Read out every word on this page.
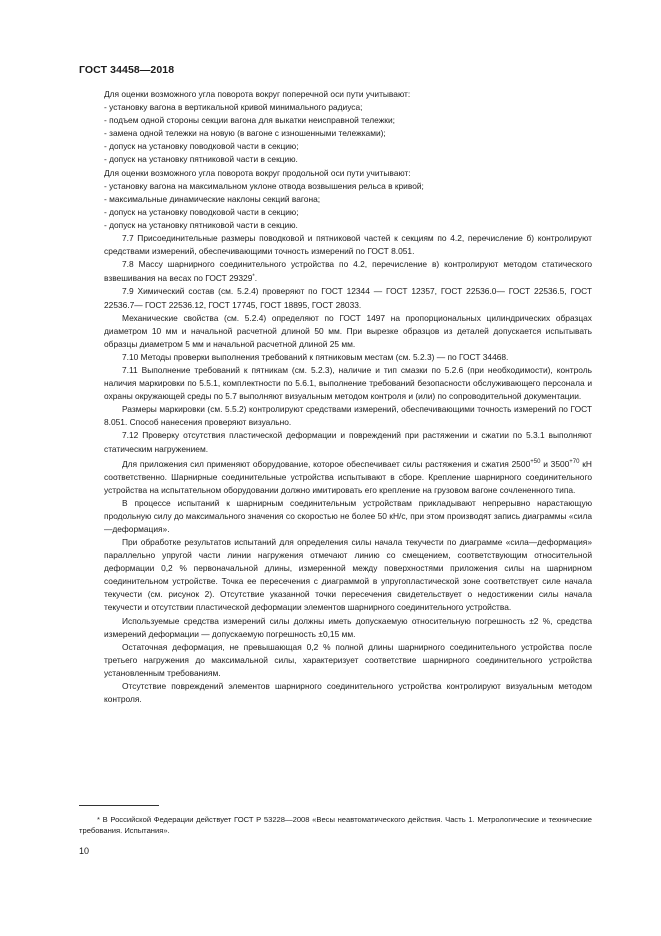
ГОСТ 34458—2018

Для оценки возможного угла поворота вокруг поперечной оси пути учитывают:

- установку вагона в вертикальной кривой минимального радиуса;

- подъем одной стороны секции вагона для выкатки неисправной тележки;

- замена одной тележки на новую (в вагоне с изношенными тележками);

- допуск на установку поводковой части в секцию;

- допуск на установку пятниковой части в секцию.

Для оценки возможного угла поворота вокруг продольной оси пути учитывают:

- установку вагона на максимальном уклоне отвода возвышения рельса в кривой;

- максимальные динамические наклоны секций вагона;

- допуск на установку поводковой части в секцию;

- допуск на установку пятниковой части в секцию.

7.7 Присоединительные размеры поводковой и пятниковой частей к секциям по 4.2, перечисление б) контролируют средствами измерений, обеспечивающими точность измерений по ГОСТ 8.051.

7.8 Массу шарнирного соединительного устройства по 4.2, перечисление в) контролируют методом статического взвешивания на весах по ГОСТ 29329*.

7.9 Химический состав (см. 5.2.4) проверяют по ГОСТ 12344 — ГОСТ 12357, ГОСТ 22536.0— ГОСТ 22536.5, ГОСТ 22536.7— ГОСТ 22536.12, ГОСТ 17745, ГОСТ 18895, ГОСТ 28033.

Механические свойства (см. 5.2.4) определяют по ГОСТ 1497 на пропорциональных цилиндрических образцах диаметром 10 мм и начальной расчетной длиной 50 мм. При вырезке образцов из деталей допускается испытывать образцы диаметром 5 мм и начальной расчетной длиной 25 мм.

7.10 Методы проверки выполнения требований к пятниковым местам (см. 5.2.3) — по ГОСТ 34468.

7.11 Выполнение требований к пятникам (см. 5.2.3), наличие и тип смазки по 5.2.6 (при необходимости), контроль наличия маркировки по 5.5.1, комплектности по 5.6.1, выполнение требований безопасности обслуживающего персонала и охраны окружающей среды по 5.7 выполняют визуальным методом контроля и (или) по сопроводительной документации.

Размеры маркировки (см. 5.5.2) контролируют средствами измерений, обеспечивающими точность измерений по ГОСТ 8.051. Способ нанесения проверяют визуально.

7.12 Проверку отсутствия пластической деформации и повреждений при растяжении и сжатии по 5.3.1 выполняют статическим нагружением.

Для приложения сил применяют оборудование, которое обеспечивает силы растяжения и сжатия $2500^{+50}$ и $3500^{+70}$ кН соответственно. Шарнирные соединительные устройства испытывают в сборе. Крепление шарнирного соединительного устройства на испытательном оборудовании должно имитировать его крепление на грузовом вагоне сочлененного типа.

В процессе испытаний к шарнирным соединительным устройствам прикладывают непрерывно нарастающую продольную силу до максимального значения со скоростью не более 50 кН/с, при этом производят запись диаграммы «сила—деформация».

При обработке результатов испытаний для определения силы начала текучести по диаграмме «сила—деформация» параллельно упругой части линии нагружения отмечают линию со смещением, соответствующим относительной деформации 0,2 % первоначальной длины, измеренной между поверхностями приложения силы на шарнирном соединительном устройстве. Точка ее пересечения с диаграммой в упругопластической зоне соответствует силе начала текучести (см. рисунок 2). Отсутствие указанной точки пересечения свидетельствует о недостижении силы начала текучести и отсутствии пластической деформации элементов шарнирного соединительного устройства.

Используемые средства измерений силы должны иметь допускаемую относительную погрешность ±2 %, средства измерений деформации — допускаемую погрешность ±0,15 мм.

Остаточная деформация, не превышающая 0,2 % полной длины шарнирного соединительного устройства после третьего нагружения до максимальной силы, характеризует соответствие шарнирного соединительного устройства установленным требованиям.

Отсутствие повреждений элементов шарнирного соединительного устройства контролируют визуальным методом контроля.

* В Российской Федерации действует ГОСТ Р 53228—2008 «Весы неавтоматического действия. Часть 1. Метрологические и технические требования. Испытания».
10
